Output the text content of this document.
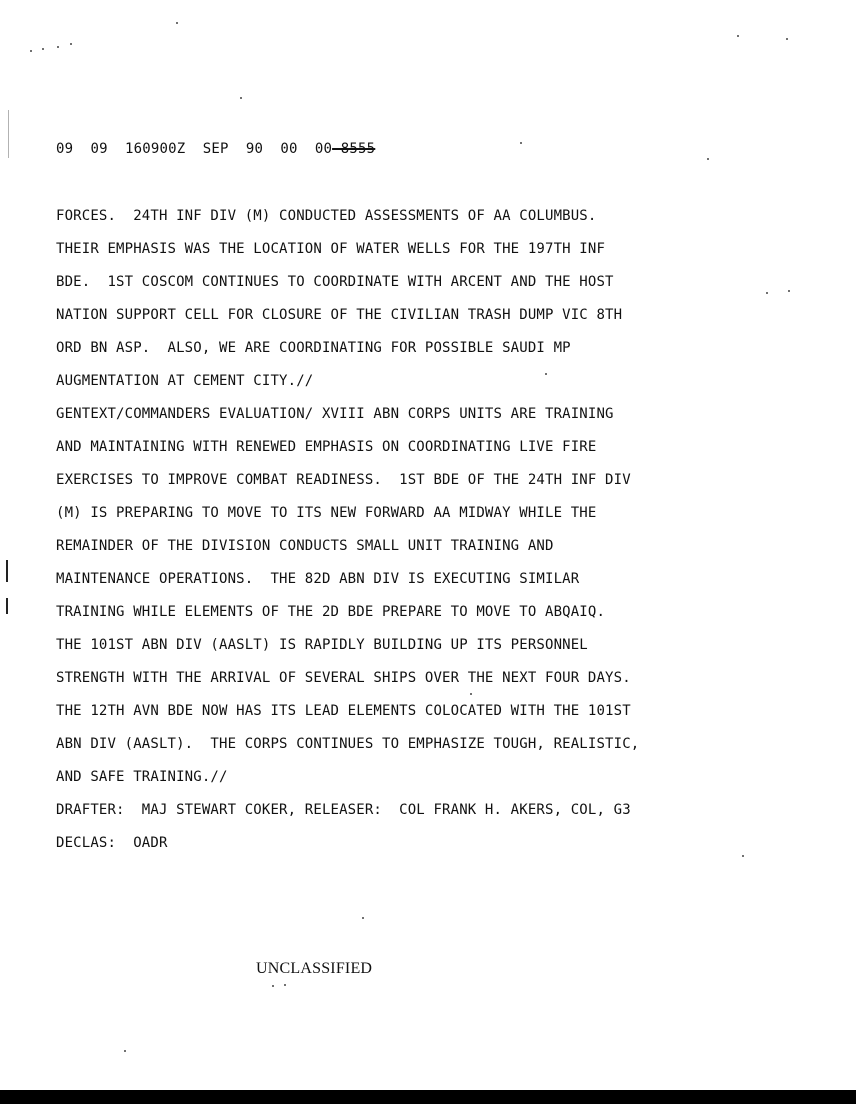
09  09  160900Z  SEP  90  00  00—8555
FORCES.  24TH INF DIV (M) CONDUCTED ASSESSMENTS OF AA COLUMBUS.
THEIR EMPHASIS WAS THE LOCATION OF WATER WELLS FOR THE 197TH INF
BDE.  1ST COSCOM CONTINUES TO COORDINATE WITH ARCENT AND THE HOST
NATION SUPPORT CELL FOR CLOSURE OF THE CIVILIAN TRASH DUMP VIC 8TH
ORD BN ASP.  ALSO, WE ARE COORDINATING FOR POSSIBLE SAUDI MP
AUGMENTATION AT CEMENT CITY.//
GENTEXT/COMMANDERS EVALUATION/ XVIII ABN CORPS UNITS ARE TRAINING
AND MAINTAINING WITH RENEWED EMPHASIS ON COORDINATING LIVE FIRE
EXERCISES TO IMPROVE COMBAT READINESS.  1ST BDE OF THE 24TH INF DIV
(M) IS PREPARING TO MOVE TO ITS NEW FORWARD AA MIDWAY WHILE THE
REMAINDER OF THE DIVISION CONDUCTS SMALL UNIT TRAINING AND
MAINTENANCE OPERATIONS.  THE 82D ABN DIV IS EXECUTING SIMILAR
TRAINING WHILE ELEMENTS OF THE 2D BDE PREPARE TO MOVE TO ABQAIQ.
THE 101ST ABN DIV (AASLT) IS RAPIDLY BUILDING UP ITS PERSONNEL
STRENGTH WITH THE ARRIVAL OF SEVERAL SHIPS OVER THE NEXT FOUR DAYS.
THE 12TH AVN BDE NOW HAS ITS LEAD ELEMENTS COLOCATED WITH THE 101ST
ABN DIV (AASLT).  THE CORPS CONTINUES TO EMPHASIZE TOUGH, REALISTIC,
AND SAFE TRAINING.//
DRAFTER:  MAJ STEWART COKER, RELEASER:  COL FRANK H. AKERS, COL, G3
DECLAS:  OADR
UNCLASSIFIED
